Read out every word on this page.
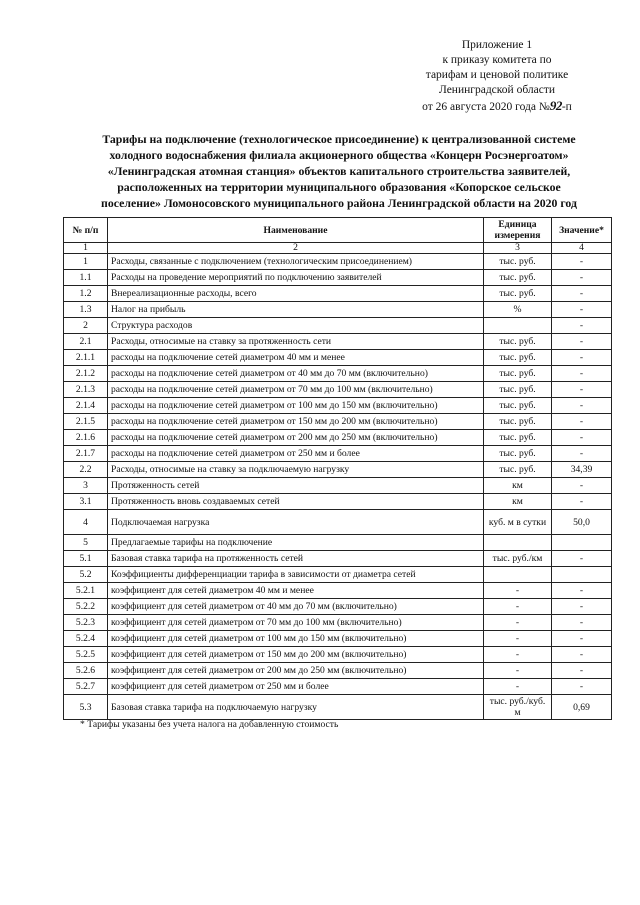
Приложение 1
к приказу комитета по
тарифам и ценовой политике
Ленинградской области
от 26 августа 2020 года №92-п
Тарифы на подключение (технологическое присоединение) к централизованной системе
холодного водоснабжения филиала акционерного общества «Концерн Росэнергоатом»
«Ленинградская атомная станция» объектов капитального строительства заявителей,
расположенных на территории муниципального образования «Копорское сельское
поселение» Ломоносовского муниципального района Ленинградской области на 2020 год
№ п/п	Наименование	Единица измерения	Значение*
1	2	3	4
1	Расходы, связанные с подключением (технологическим присоединением)	тыс. руб.	-
1.1	Расходы на проведение мероприятий по подключению заявителей	тыс. руб.	-
1.2	Внереализационные расходы, всего	тыс. руб.	-
1.3	Налог на прибыль	%	-
2	Структура расходов		-
2.1	Расходы, относимые на ставку за протяженность сети	тыс. руб.	-
2.1.1	расходы на подключение сетей диаметром 40 мм и менее	тыс. руб.	-
2.1.2	расходы на подключение сетей диаметром от 40 мм до 70 мм (включительно)	тыс. руб.	-
2.1.3	расходы на подключение сетей диаметром от 70 мм до 100 мм (включительно)	тыс. руб.	-
2.1.4	расходы на подключение сетей диаметром от 100 мм до 150 мм (включительно)	тыс. руб.	-
2.1.5	расходы на подключение сетей диаметром от 150 мм до 200 мм (включительно)	тыс. руб.	-
2.1.6	расходы на подключение сетей диаметром от 200 мм до 250 мм (включительно)	тыс. руб.	-
2.1.7	расходы на подключение сетей диаметром от 250 мм и более	тыс. руб.	-
2.2	Расходы, относимые на ставку за подключаемую нагрузку	тыс. руб.	34,39
3	Протяженность сетей	км	-
3.1	Протяженность вновь создаваемых сетей	км	-
4	Подключаемая нагрузка	куб. м в сутки	50,0
5	Предлагаемые тарифы на подключение		
5.1	Базовая ставка тарифа на протяженность сетей	тыс. руб./км	-
5.2	Коэффициенты дифференциации тарифа в зависимости от диаметра сетей		
5.2.1	коэффициент для сетей диаметром 40 мм и менее	-	-
5.2.2	коэффициент для сетей диаметром от 40 мм до 70 мм (включительно)	-	-
5.2.3	коэффициент для сетей диаметром от 70 мм до 100 мм (включительно)	-	-
5.2.4	коэффициент для сетей диаметром от 100 мм до 150 мм (включительно)	-	-
5.2.5	коэффициент для сетей диаметром от 150 мм до 200 мм (включительно)	-	-
5.2.6	коэффициент для сетей диаметром от 200 мм до 250 мм (включительно)	-	-
5.2.7	коэффициент для сетей диаметром от 250 мм и более	-	-
5.3	Базовая ставка тарифа на подключаемую нагрузку	тыс. руб./куб. м	0,69
* Тарифы указаны без учета налога на добавленную стоимость
